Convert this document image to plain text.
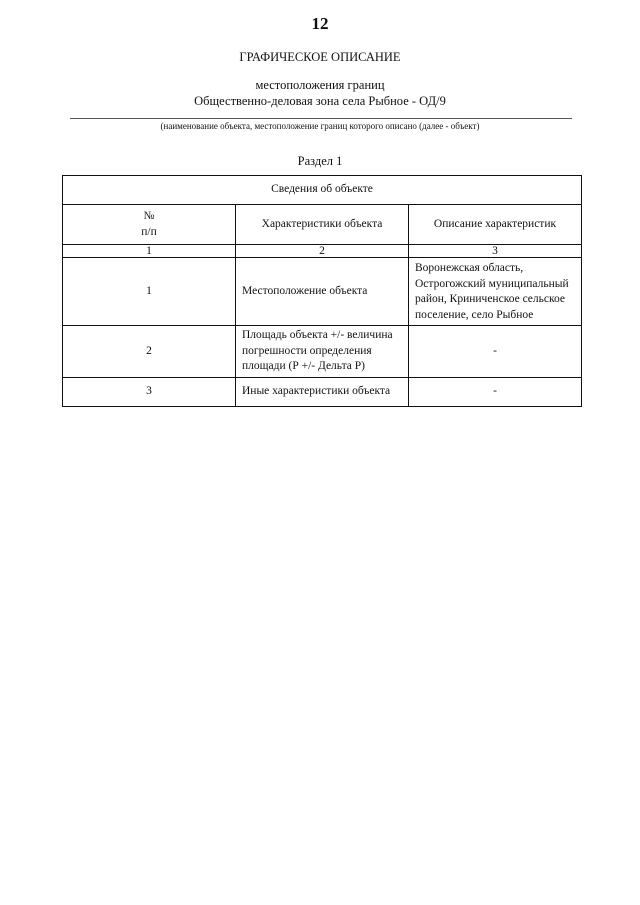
12
ГРАФИЧЕСКОЕ ОПИСАНИЕ
местоположения границ
Общественно-деловая зона села Рыбное - ОД/9
(наименование объекта, местоположение границ которого описано (далее - объект)
Раздел 1
Сведения об объекте		
№
п/п	Характеристики объекта	Описание характеристик
1	2	3
1	Местоположение объекта	Воронежская область, Острогожский муниципальный район, Криниченское сельское поселение, село Рыбное
2	Площадь объекта +/- величина погрешности определения площади (Р +/- Дельта Р)	-
3	Иные характеристики объекта	-
